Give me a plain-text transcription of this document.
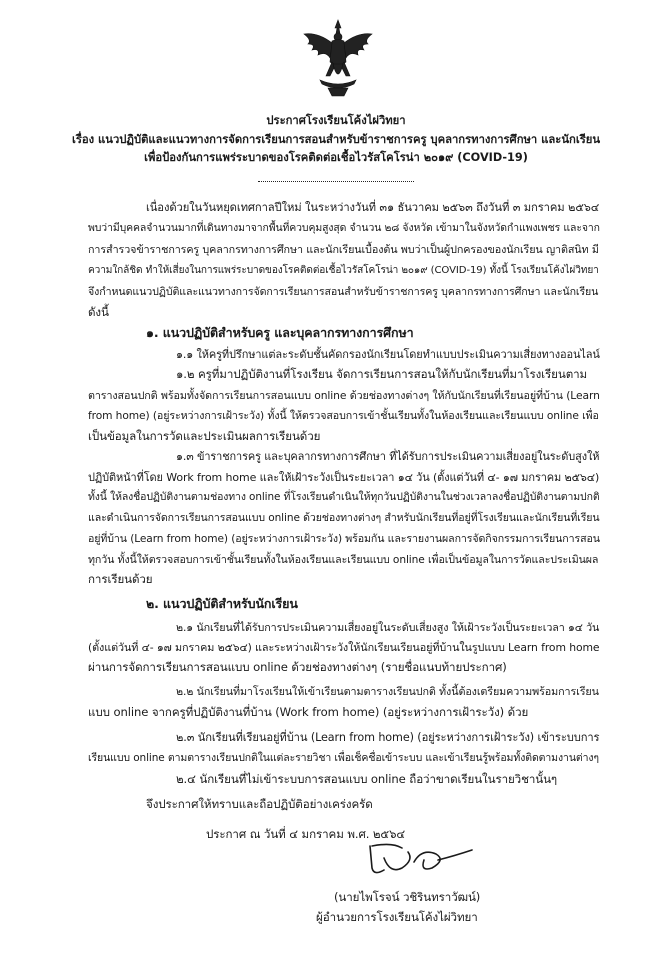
ประกาศโรงเรียนโค้งไผ่วิทยา
เรื่อง แนวปฏิบัติและแนวทางการจัดการเรียนการสอนสำหรับข้าราชการครู บุคลากรทางการศึกษา และนักเรียน
เพื่อป้องกันการแพร่ระบาดของโรคติดต่อเชื้อไวรัสโคโรน่า ๒๐๑๙ (COVID-19)
เนื่องด้วยในวันหยุดเทศกาลปีใหม่ ในระหว่างวันที่ ๓๑ ธันวาคม ๒๕๖๓ ถึงวันที่ ๓ มกราคม ๒๕๖๔
พบว่ามีบุคคลจำนวนมากที่เดินทางมาจากพื้นที่ควบคุมสูงสุด จำนวน ๒๘ จังหวัด เข้ามาในจังหวัดกำแพงเพชร และจาก
การสำรวจข้าราชการครู บุคลากรทางการศึกษา และนักเรียนเบื้องต้น พบว่าเป็นผู้ปกครองของนักเรียน ญาติสนิท มี
ความใกล้ชิด ทำให้เสี่ยงในการแพร่ระบาดของโรคติดต่อเชื้อไวรัสโคโรน่า ๒๐๑๙ (COVID-19) ทั้งนี้ โรงเรียนโค้งไผ่วิทยา
จึงกำหนดแนวปฏิบัติและแนวทางการจัดการเรียนการสอนสำหรับข้าราชการครู บุคลากรทางการศึกษา และนักเรียน
ดังนี้
๑. แนวปฏิบัติสำหรับครู และบุคลากรทางการศึกษา
๑.๑ ให้ครูที่ปรึกษาแต่ละระดับชั้นคัดกรองนักเรียนโดยทำแบบประเมินความเสี่ยงทางออนไลน์
๑.๒ ครูที่มาปฏิบัติงานที่โรงเรียน จัดการเรียนการสอนให้กับนักเรียนที่มาโรงเรียนตาม
ตารางสอนปกติ พร้อมทั้งจัดการเรียนการสอนแบบ online ด้วยช่องทางต่างๆ ให้กับนักเรียนที่เรียนอยู่ที่บ้าน (Learn
from home) (อยู่ระหว่างการเฝ้าระวัง) ทั้งนี้ ให้ตรวจสอบการเข้าชั้นเรียนทั้งในห้องเรียนและเรียนแบบ online เพื่อ
เป็นข้อมูลในการวัดและประเมินผลการเรียนด้วย
๑.๓ ข้าราชการครู และบุคลากรทางการศึกษา ที่ได้รับการประเมินความเสี่ยงอยู่ในระดับสูงให้
ปฏิบัติหน้าที่โดย Work from home และให้เฝ้าระวังเป็นระยะเวลา ๑๔ วัน (ตั้งแต่วันที่ ๔- ๑๗ มกราคม ๒๕๖๔)
ทั้งนี้ ให้ลงชื่อปฏิบัติงานตามช่องทาง online ที่โรงเรียนดำเนินให้ทุกวันปฏิบัติงานในช่วงเวลาลงชื่อปฏิบัติงานตามปกติ
และดำเนินการจัดการเรียนการสอนแบบ online ด้วยช่องทางต่างๆ สำหรับนักเรียนที่อยู่ที่โรงเรียนและนักเรียนที่เรียน
อยู่ที่บ้าน (Learn from home) (อยู่ระหว่างการเฝ้าระวัง) พร้อมกัน และรายงานผลการจัดกิจกรรมการเรียนการสอน
ทุกวัน ทั้งนี้ให้ตรวจสอบการเข้าชั้นเรียนทั้งในห้องเรียนและเรียนแบบ online เพื่อเป็นข้อมูลในการวัดและประเมินผล
การเรียนด้วย
๒. แนวปฏิบัติสำหรับนักเรียน
๒.๑ นักเรียนที่ได้รับการประเมินความเสี่ยงอยู่ในระดับเสี่ยงสูง ให้เฝ้าระวังเป็นระยะเวลา ๑๔ วัน
(ตั้งแต่วันที่ ๔- ๑๗ มกราคม ๒๕๖๔) และระหว่างเฝ้าระวังให้นักเรียนเรียนอยู่ที่บ้านในรูปแบบ Learn from home
ผ่านการจัดการเรียนการสอนแบบ online ด้วยช่องทางต่างๆ (รายชื่อแนบท้ายประกาศ)
๒.๒ นักเรียนที่มาโรงเรียนให้เข้าเรียนตามตารางเรียนปกติ ทั้งนี้ต้องเตรียมความพร้อมการเรียน
แบบ online จากครูที่ปฏิบัติงานที่บ้าน (Work from home) (อยู่ระหว่างการเฝ้าระวัง) ด้วย
๒.๓ นักเรียนที่เรียนอยู่ที่บ้าน (Learn from home) (อยู่ระหว่างการเฝ้าระวัง) เข้าระบบการ
เรียนแบบ online ตามตารางเรียนปกติในแต่ละรายวิชา เพื่อเช็คชื่อเข้าระบบ และเข้าเรียนรู้พร้อมทั้งติดตามงานต่างๆ
๒.๔ นักเรียนที่ไม่เข้าระบบการสอนแบบ online ถือว่าขาดเรียนในรายวิชานั้นๆ
จึงประกาศให้ทราบและถือปฏิบัติอย่างเคร่งครัด
ประกาศ ณ วันที่ ๔ มกราคม พ.ศ. ๒๕๖๔
(นายไพโรจน์ วชิรินทราวัฒน์)
ผู้อำนวยการโรงเรียนโค้งไผ่วิทยา
